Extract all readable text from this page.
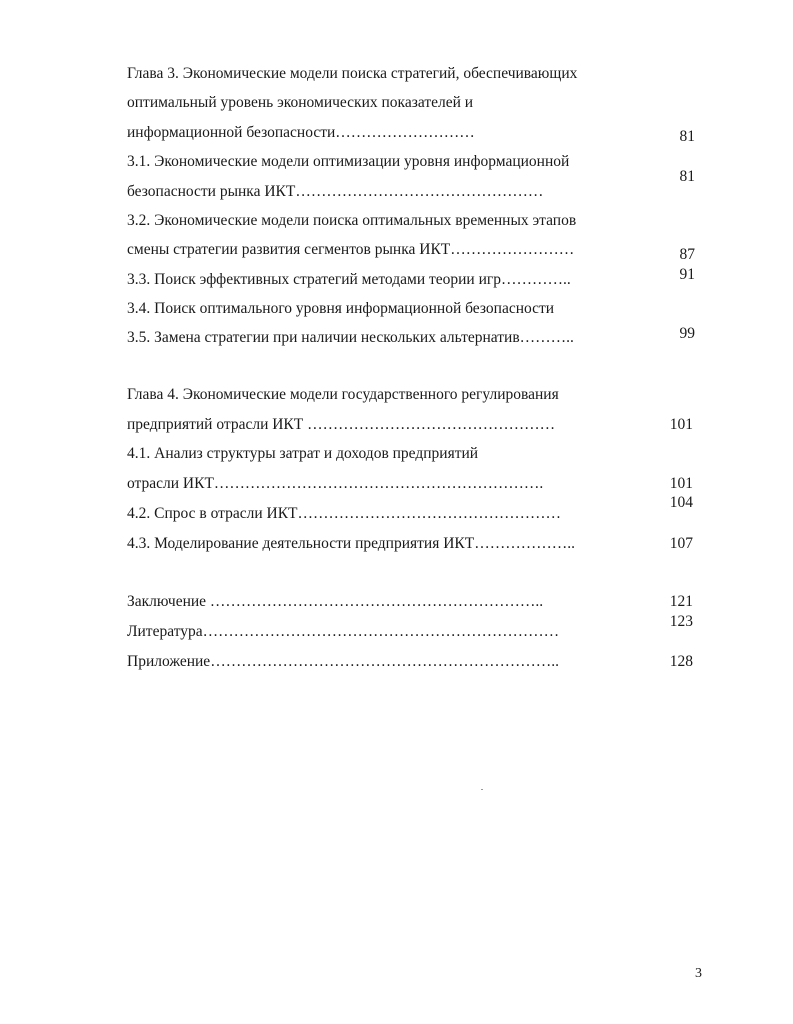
Глава 3. Экономические модели поиска стратегий, обеспечивающих
оптимальный уровень экономических показателей и
информационной безопасности………………………
3.1. Экономические модели оптимизации уровня информационной
безопасности рынка ИКТ…………………………………………
3.2. Экономические модели поиска оптимальных временных этапов
смены стратегии развития сегментов рынка ИКТ……………………
3.3. Поиск эффективных стратегий методами теории игр…………..
3.4. Поиск оптимального уровня информационной безопасности
3.5. Замена стратегии при наличии нескольких альтернатив………..
Глава 4. Экономические модели государственного регулирования
предприятий отрасли ИКТ …………………………………………
4.1. Анализ структуры затрат и доходов предприятий
отрасли ИКТ……………………………………………………….
4.2. Спрос в отрасли ИКТ……………………………………………
4.3. Моделирование деятельности предприятия ИКТ………………..
Заключение ………………………………………………………..
Литература……………………………………………………………
Приложение…………………………………………………………..
81
81
87
91
99
101
101
104
107
121
123
128
3
